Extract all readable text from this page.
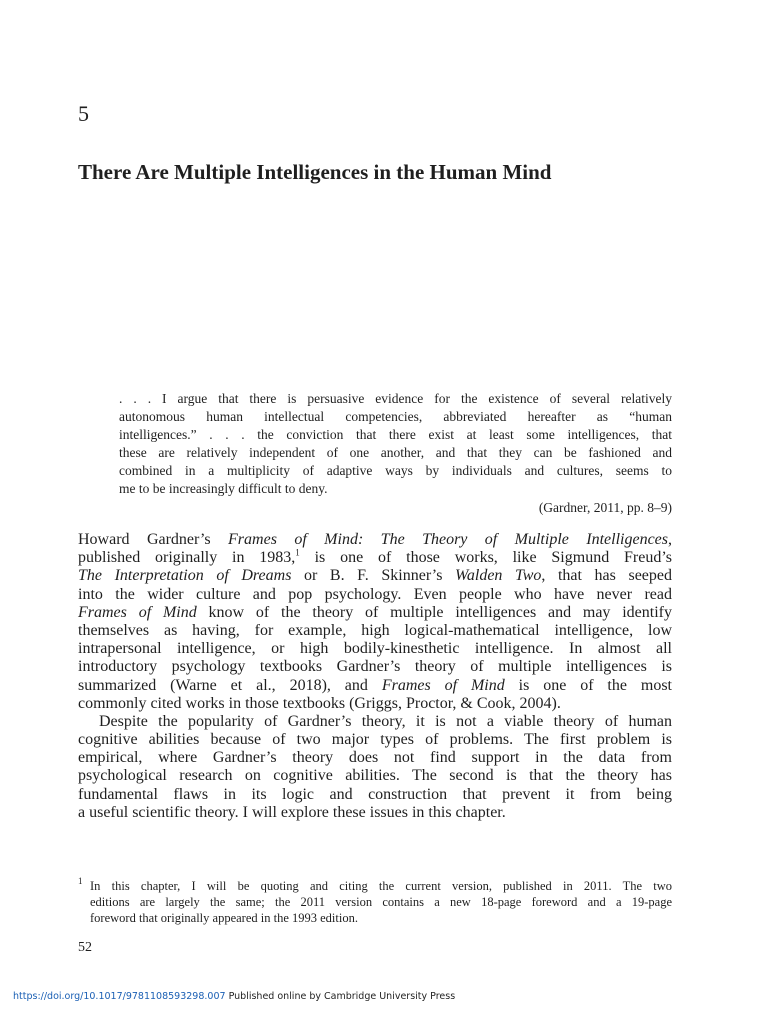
5
There Are Multiple Intelligences in the Human Mind
. . . I argue that there is persuasive evidence for the existence of several relatively
autonomous human intellectual competencies, abbreviated hereafter as “human
intelligences.” . . . the conviction that there exist at least some intelligences, that
these are relatively independent of one another, and that they can be fashioned and
combined in a multiplicity of adaptive ways by individuals and cultures, seems to
me to be increasingly difficult to deny.
(Gardner, 2011, pp. 8–9)
Howard Gardner’s Frames of Mind: The Theory of Multiple Intelligences,
published originally in 1983,$^1$ is one of those works, like Sigmund Freud’s
The Interpretation of Dreams or B. F. Skinner’s Walden Two, that has seeped
into the wider culture and pop psychology. Even people who have never read
Frames of Mind know of the theory of multiple intelligences and may identify
themselves as having, for example, high logical-mathematical intelligence, low
intrapersonal intelligence, or high bodily-kinesthetic intelligence. In almost all
introductory psychology textbooks Gardner’s theory of multiple intelligences is
summarized (Warne et al., 2018), and Frames of Mind is one of the most
commonly cited works in those textbooks (Griggs, Proctor, & Cook, 2004).
Despite the popularity of Gardner’s theory, it is not a viable theory of human
cognitive abilities because of two major types of problems. The first problem is
empirical, where Gardner’s theory does not find support in the data from
psychological research on cognitive abilities. The second is that the theory has
fundamental flaws in its logic and construction that prevent it from being
a useful scientific theory. I will explore these issues in this chapter.
1 In this chapter, I will be quoting and citing the current version, published in 2011. The two
editions are largely the same; the 2011 version contains a new 18-page foreword and a 19-page
foreword that originally appeared in the 1993 edition.
52
https://doi.org/10.1017/9781108593298.007 Published online by Cambridge University Press
